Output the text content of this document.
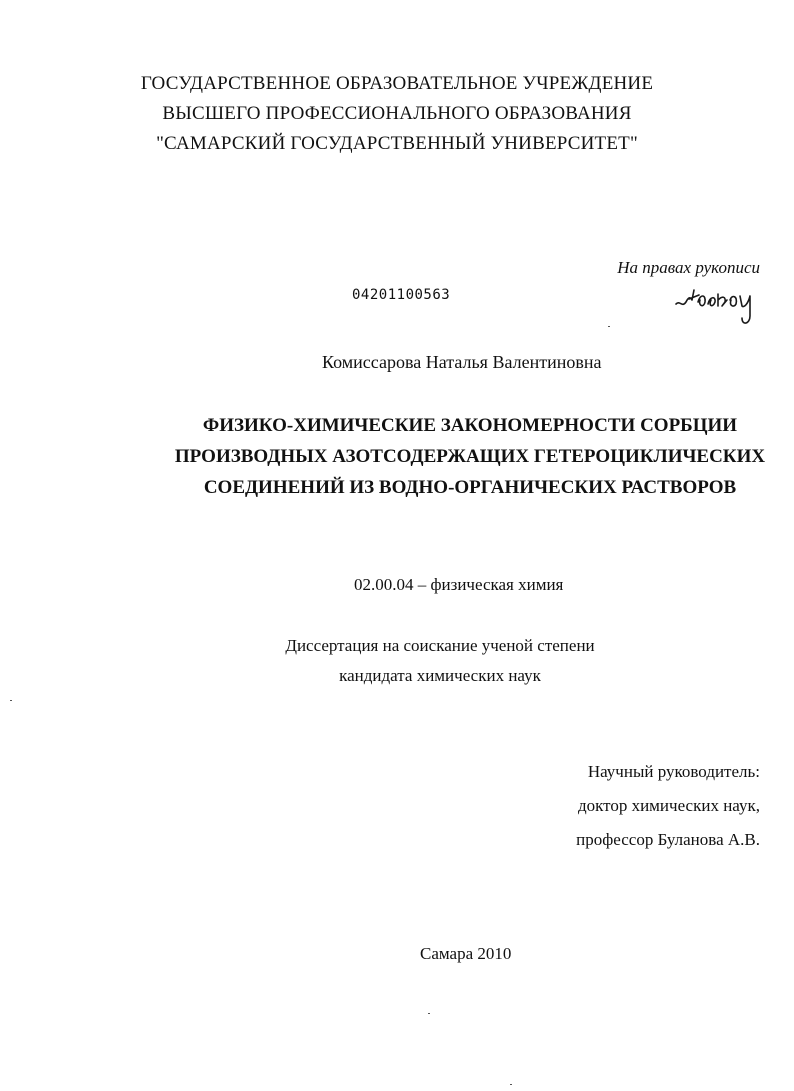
ГОСУДАРСТВЕННОЕ ОБРАЗОВАТЕЛЬНОЕ УЧРЕЖДЕНИЕ
ВЫСШЕГО ПРОФЕССИОНАЛЬНОГО ОБРАЗОВАНИЯ
"САМАРСКИЙ ГОСУДАРСТВЕННЫЙ УНИВЕРСИТЕТ"
На правах рукописи
04201100563
Комиссарова Наталья Валентиновна
ФИЗИКО-ХИМИЧЕСКИЕ ЗАКОНОМЕРНОСТИ СОРБЦИИ
ПРОИЗВОДНЫХ АЗОТСОДЕРЖАЩИХ ГЕТЕРОЦИКЛИЧЕСКИХ
СОЕДИНЕНИЙ ИЗ ВОДНО-ОРГАНИЧЕСКИХ РАСТВОРОВ
02.00.04 – физическая химия
Диссертация на соискание ученой степени
кандидата химических наук
Научный руководитель:
доктор химических наук,
профессор Буланова А.В.
Самара 2010
